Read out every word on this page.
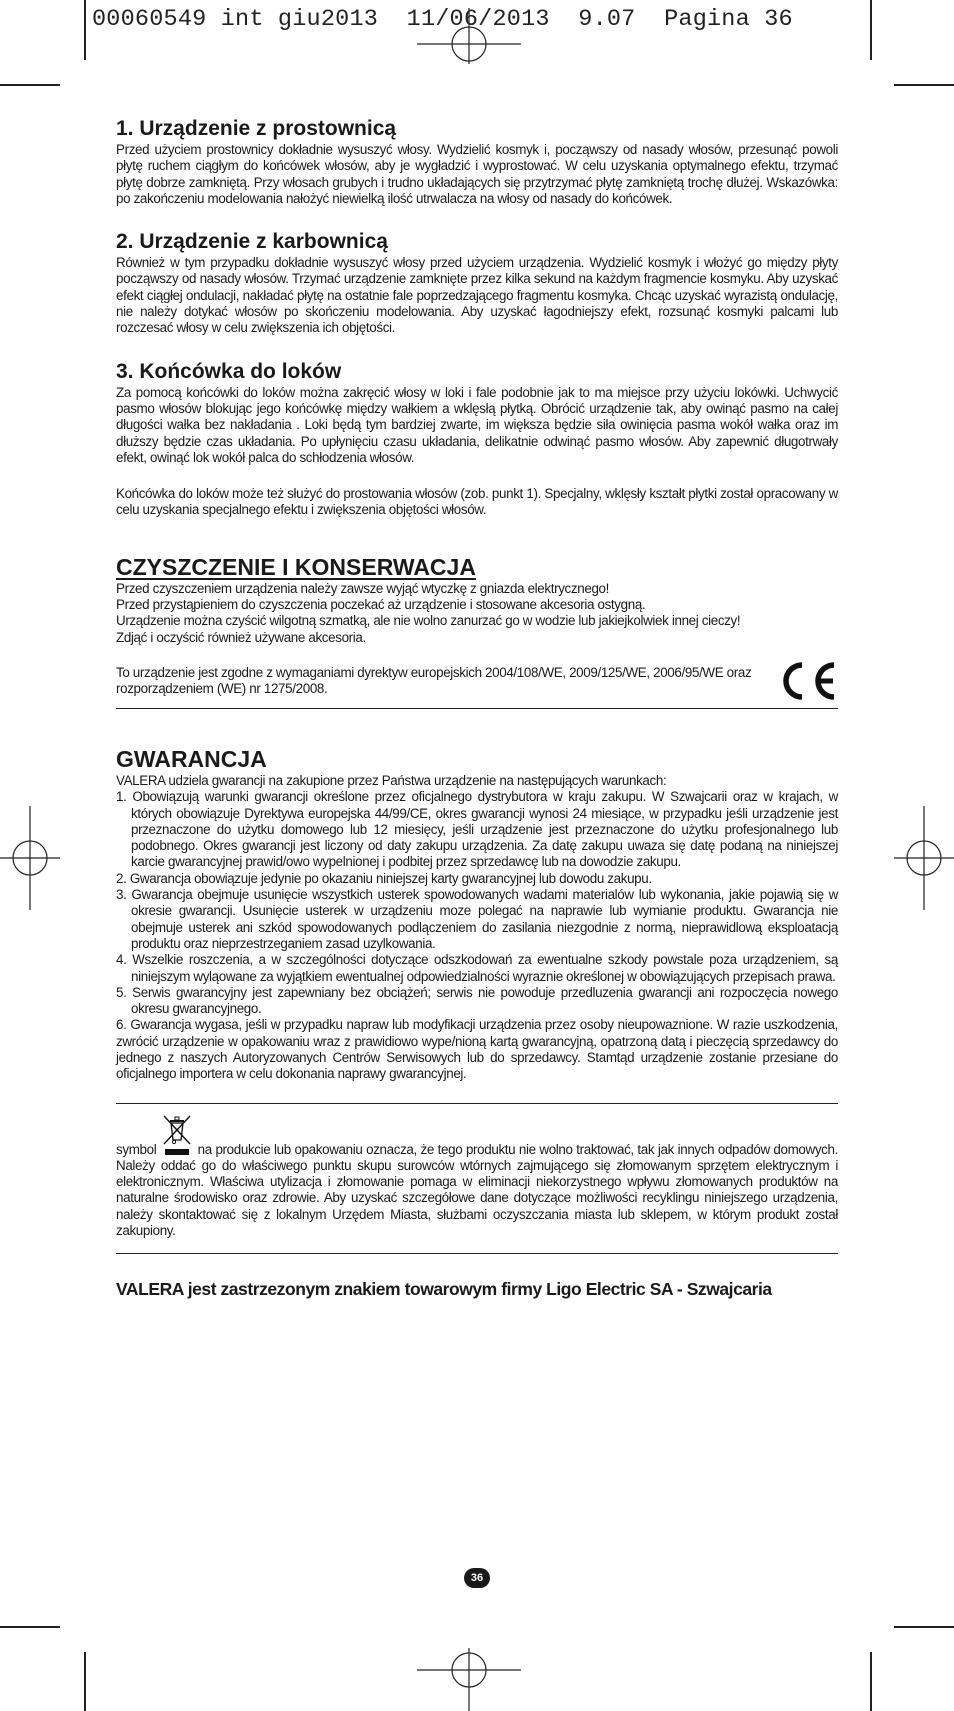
00060549 int giu2013  11/06/2013  9.07  Pagina 36
1. Urządzenie z prostownicą

Przed użyciem prostownicy dokładnie wysuszyć włosy. Wydzielić kosmyk i, począwszy od nasady włosów, przesunąć powoli płytę ruchem ciągłym do końcówek włosów, aby je wygładzić i wyprostować. W celu uzyskania optymalnego efektu, trzymać płytę dobrze zamkniętą. Przy włosach grubych i trudno układających się przytrzymać płytę zamkniętą trochę dłużej. Wskazówka: po zakończeniu modelowania nałożyć niewielką ilość utrwalacza na włosy od nasady do końcówek.

2. Urządzenie z karbownicą

Również w tym przypadku dokładnie wysuszyć włosy przed użyciem urządzenia. Wydzielić kosmyk i włożyć go między płyty począwszy od nasady włosów. Trzymać urządzenie zamknięte przez kilka sekund na każdym fragmencie kosmyku. Aby uzyskać efekt ciągłej ondulacji, nakładać płytę na ostatnie fale poprzedzającego fragmentu kosmyka. Chcąc uzyskać wyrazistą ondulację, nie należy dotykać włosów po skończeniu modelowania. Aby uzyskać łagodniejszy efekt, rozsunąć kosmyki palcami lub rozczesać włosy w celu zwiększenia ich objętości.

3. Końcówka do loków

Za pomocą końcówki do loków można zakręcić włosy w loki i fale podobnie jak to ma miejsce przy użyciu lokówki. Uchwycić pasmo włosów blokując jego końcówkę między wałkiem a wklęsłą płytką. Obrócić urządzenie tak, aby owinąć pasmo na całej długości wałka bez nakładania . Loki będą tym bardziej zwarte, im większa będzie siła owinięcia pasma wokół wałka oraz im dłuższy będzie czas układania. Po upłynięciu czasu układania, delikatnie odwinąć pasmo włosów. Aby zapewnić długotrwały efekt, owinąć lok wokół palca do schłodzenia włosów.

Końcówka do loków może też służyć do prostowania włosów (zob. punkt 1). Specjalny, wklęsły kształt płytki został opracowany w celu uzyskania specjalnego efektu i zwiększenia objętości włosów.

CZYSZCZENIE I KONSERWACJA

Przed czyszczeniem urządzenia należy zawsze wyjąć wtyczkę z gniazda elektrycznego!

Przed przystąpieniem do czyszczenia poczekać aż urządzenie i stosowane akcesoria ostygną.

Urządzenie można czyścić wilgotną szmatką, ale nie wolno zanurzać go w wodzie lub jakiejkolwiek innej cieczy!

Zdjąć i oczyścić również używane akcesoria.

To urządzenie jest zgodne z wymaganiami dyrektyw europejskich 2004/108/WE, 2009/125/WE, 2006/95/WE oraz rozporządzeniem (WE) nr 1275/2008.

GWARANCJA

VALERA udziela gwarancji na zakupione przez Państwa urządzenie na następujących warunkach:

1. Obowiązują warunki gwarancji określone przez oficjalnego dystrybutora w kraju zakupu. W Szwajcarii oraz w krajach, w których obowiązuje Dyrektywa europejska 44/99/CE, okres gwarancji wynosi 24 miesiące, w przypadku jeśli urządzenie jest przeznaczone do użytku domowego lub 12 miesięcy, jeśli urządzenie jest przeznaczone do użytku profesjonalnego lub podobnego. Okres gwarancji jest liczony od daty zakupu urządzenia. Za datę zakupu uwaza się datę podaną na niniejszej karcie gwarancyjnej prawid/owo wypelnionej i podbitej przez sprzedawcę lub na dowodzie zakupu.
2. Gwarancja obowiązuje jedynie po okazaniu niniejszej karty gwarancyjnej lub dowodu zakupu.
3. Gwarancja obejmuje usunięcie wszystkich usterek spowodowanych wadami materialów lub wykonania, jakie pojawią się w okresie gwarancji. Usunięcie usterek w urządzeniu moze polegać na naprawie lub wymianie produktu. Gwarancja nie obejmuje usterek ani szkód spowodowanych podlączeniem do zasilania niezgodnie z normą, nieprawidlową eksploatacją produktu oraz nieprzestrzeganiem zasad uzylkowania.
4. Wszelkie roszczenia, a w szczególności dotyczące odszkodowań za ewentualne szkody powstale poza urządzeniem, są niniejszym wyląowane za wyjątkiem ewentualnej odpowiedzialności wyraznie określonej w obowiązujących przepisach prawa.
5. Serwis gwarancyjny jest zapewniany bez obciążeń; serwis nie powoduje przedluzenia gwarancji ani rozpoczęcia nowego okresu gwarancyjnego.

6. Gwarancja wygasa, jeśli w przypadku napraw lub modyfikacji urządzenia przez osoby nieupowaznione. W razie uszkodzenia, zwrócić urządzenie w opakowaniu wraz z prawidiowo wype/nioną kartą gwarancyjną, opatrzoną datą i pieczęcią sprzedawcy do jednego z naszych Autoryzowanych Centrów Serwisowych lub do sprzedawcy. Stamtąd urządzenie zostanie przesiane do oficjalnego importera w celu dokonania naprawy gwarancyjnej.

symbol	na produkcie lub opakowaniu oznacza, że tego produktu nie wolno traktować, tak jak innych odpadów domowych. Należy oddać go do właściwego punktu skupu surowców wtórnych zajmującego się złomowanym sprzętem elektrycznym i elektronicznym. Właściwa utylizacja i złomowanie pomaga w eliminacji niekorzystnego wpływu złomowanych produktów na naturalne środowisko oraz zdrowie. Aby uzyskać szczegółowe dane dotyczące możliwości recyklingu niniejszego urządzenia, należy skontaktować się z lokalnym Urzędem Miasta, służbami oczyszczania miasta lub sklepem, w którym produkt został zakupiony.

VALERA jest zastrzezonym znakiem towarowym firmy Ligo Electric SA - Szwajcaria
36
